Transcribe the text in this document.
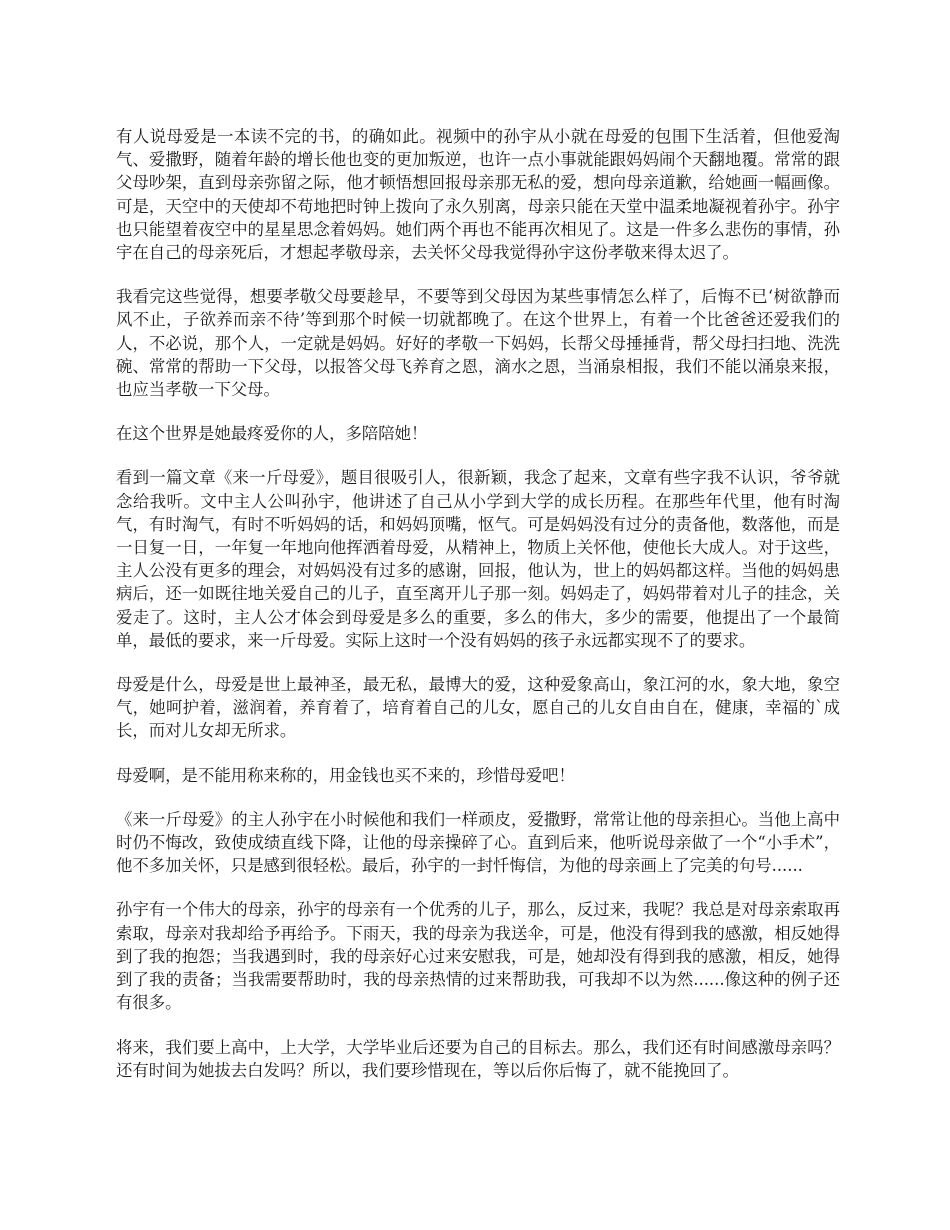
有人说母爱是一本读不完的书，的确如此。视频中的孙宇从小就在母爱的包围下生活着，但他爱淘气、爱撒野，随着年龄的增长他也变的更加叛逆，也许一点小事就能跟妈妈闹个天翻地覆。常常的跟父母吵架，直到母亲弥留之际，他才顿悟想回报母亲那无私的爱，想向母亲道歉，给她画一幅画像。可是，天空中的天使却不苟地把时钟上拨向了永久别离，母亲只能在天堂中温柔地凝视着孙宇。孙宇也只能望着夜空中的星星思念着妈妈。她们两个再也不能再次相见了。这是一件多么悲伤的事情，孙宇在自己的母亲死后，才想起孝敬母亲，去关怀父母我觉得孙宇这份孝敬来得太迟了。

我看完这些觉得，想要孝敬父母要趁早，不要等到父母因为某些事情怎么样了，后悔不已‘树欲静而风不止，子欲养而亲不待’等到那个时候一切就都晚了。在这个世界上，有着一个比爸爸还爱我们的人，不必说，那个人，一定就是妈妈。好好的孝敬一下妈妈，长帮父母捶捶背，帮父母扫扫地、洗洗碗、常常的帮助一下父母，以报答父母飞养育之恩，滴水之恩，当涌泉相报，我们不能以涌泉来报，也应当孝敬一下父母。

在这个世界是她最疼爱你的人，多陪陪她！

看到一篇文章《来一斤母爱》，题目很吸引人，很新颖，我念了起来，文章有些字我不认识，爷爷就念给我听。文中主人公叫孙宇，他讲述了自己从小学到大学的成长历程。在那些年代里，他有时淘气，有时淘气，有时不听妈妈的话，和妈妈顶嘴，怄气。可是妈妈没有过分的责备他，数落他，而是一日复一日，一年复一年地向他挥洒着母爱，从精神上，物质上关怀他，使他长大成人。对于这些，主人公没有更多的理会，对妈妈没有过多的感谢，回报，他认为，世上的妈妈都这样。当他的妈妈患病后，还一如既往地关爱自己的儿子，直至离开儿子那一刻。妈妈走了，妈妈带着对儿子的挂念，关爱走了。这时，主人公才体会到母爱是多么的重要，多么的伟大，多少的需要，他提出了一个最简单，最低的要求，来一斤母爱。实际上这时一个没有妈妈的孩子永远都实现不了的要求。

母爱是什么，母爱是世上最神圣，最无私，最博大的爱，这种爱象高山，象江河的水，象大地，象空气，她呵护着，滋润着，养育着了，培育着自己的儿女，愿自己的儿女自由自在，健康，幸福的`成长，而对儿女却无所求。

母爱啊，是不能用称来称的，用金钱也买不来的，珍惜母爱吧！

《来一斤母爱》的主人孙宇在小时候他和我们一样顽皮，爱撒野，常常让他的母亲担心。当他上高中时仍不悔改，致使成绩直线下降，让他的母亲操碎了心。直到后来，他听说母亲做了一个“小手术”，他不多加关怀，只是感到很轻松。最后，孙宇的一封忏悔信，为他的母亲画上了完美的句号......

孙宇有一个伟大的母亲，孙宇的母亲有一个优秀的儿子，那么，反过来，我呢？我总是对母亲索取再索取，母亲对我却给予再给予。下雨天，我的母亲为我送伞，可是，他没有得到我的感激，相反她得到了我的抱怨；当我遇到时，我的母亲好心过来安慰我，可是，她却没有得到我的感激，相反，她得到了我的责备；当我需要帮助时，我的母亲热情的过来帮助我，可我却不以为然......像这种的例子还有很多。

将来，我们要上高中，上大学，大学毕业后还要为自己的目标去。那么，我们还有时间感激母亲吗？还有时间为她拔去白发吗？所以，我们要珍惜现在，等以后你后悔了，就不能挽回了。
